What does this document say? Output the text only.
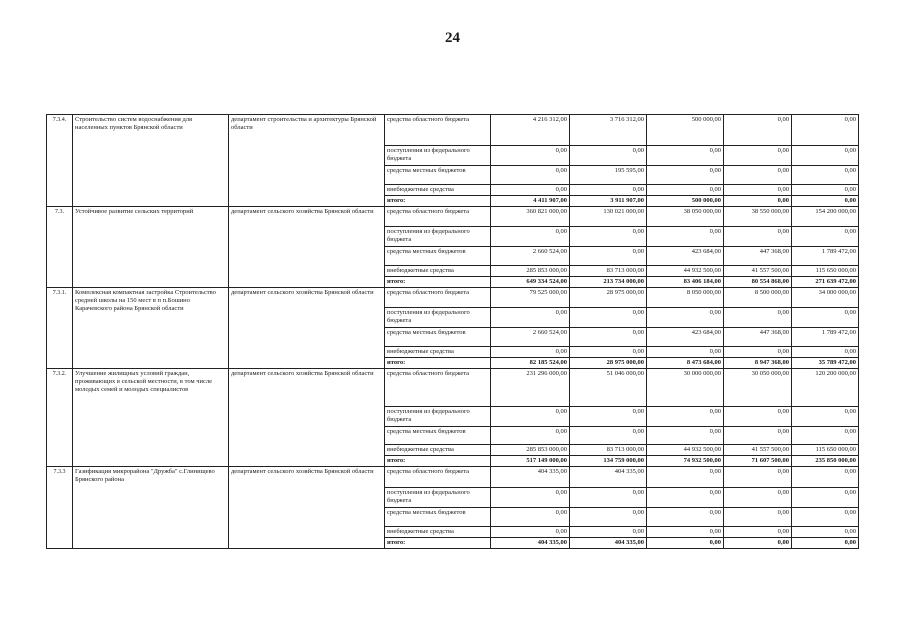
24
7.3.4.	Строительство систем водоснабжения для населенных пунктов Брянской области	департамент строительства и архитектуры Брянской области	средства областного бюджета	4 216 312,00	3 716 312,00	500 000,00	0,00	0,00
			поступления из федерального бюджета	0,00	0,00	0,00	0,00	0,00
			средства местных бюджетов	0,00	195 595,00	0,00	0,00	0,00
			внебюджетные средства	0,00	0,00	0,00	0,00	0,00
			итого:	4 411 907,00	3 911 907,00	500 000,00	0,00	0,00
7.3.	Устойчивое развитие сельских территорий	департамент сельского хозяйства Брянской области	средства областного бюджета	360 821 000,00	130 021 000,00	38 050 000,00	38 550 000,00	154 200 000,00
			поступления из федерального бюджета	0,00	0,00	0,00	0,00	0,00
			средства местных бюджетов	2 660 524,00	0,00	423 684,00	447 368,00	1 789 472,00
			внебюджетные средства	285 853 000,00	83 713 000,00	44 932 500,00	41 557 500,00	115 650 000,00
			итого:	649 334 524,00	213 734 000,00	83 406 184,00	80 554 868,00	271 639 472,00
7.3.1.	Комплексная компактная застройка Строительство средней школы на 150 мест в п п.Бошино Карачевского района Брянской области	департамент сельского хозяйства Брянской области	средства областного бюджета	79 525 000,00	28 975 000,00	8 050 000,00	8 500 000,00	34 000 000,00
			поступления из федерального бюджета	0,00	0,00	0,00	0,00	0,00
			средства местных бюджетов	2 660 524,00	0,00	423 684,00	447 368,00	1 789 472,00
			внебюджетные средства	0,00	0,00	0,00	0,00	0,00
			итого:	82 185 524,00	28 975 000,00	8 473 684,00	8 947 368,00	35 789 472,00
7.3.2.	Улучшение жилищных условий граждан, проживающих в сельской местности, в том числе молодых семей и молодых специалистов	департамент сельского хозяйства Брянской области	средства областного бюджета	231 296 000,00	51 046 000,00	30 000 000,00	30 050 000,00	120 200 000,00
			поступления из федерального бюджета	0,00	0,00	0,00	0,00	0,00
			средства местных бюджетов	0,00	0,00	0,00	0,00	0,00
			внебюджетные средства	285 853 000,00	83 713 000,00	44 932 500,00	41 557 500,00	115 650 000,00
			итого:	517 149 000,00	134 759 000,00	74 932 500,00	71 607 500,00	235 850 000,00
7.3.3	Газификация микрорайона "Дружба" с.Глинищево Брянского района	департамент сельского хозяйства Брянской области	средства областного бюджета	404 335,00	404 335,00	0,00	0,00	0,00
			поступления из федерального бюджета	0,00	0,00	0,00	0,00	0,00
			средства местных бюджетов	0,00	0,00	0,00	0,00	0,00
			внебюджетные средства	0,00	0,00	0,00	0,00	0,00
			итого:	404 335,00	404 335,00	0,00	0,00	0,00
